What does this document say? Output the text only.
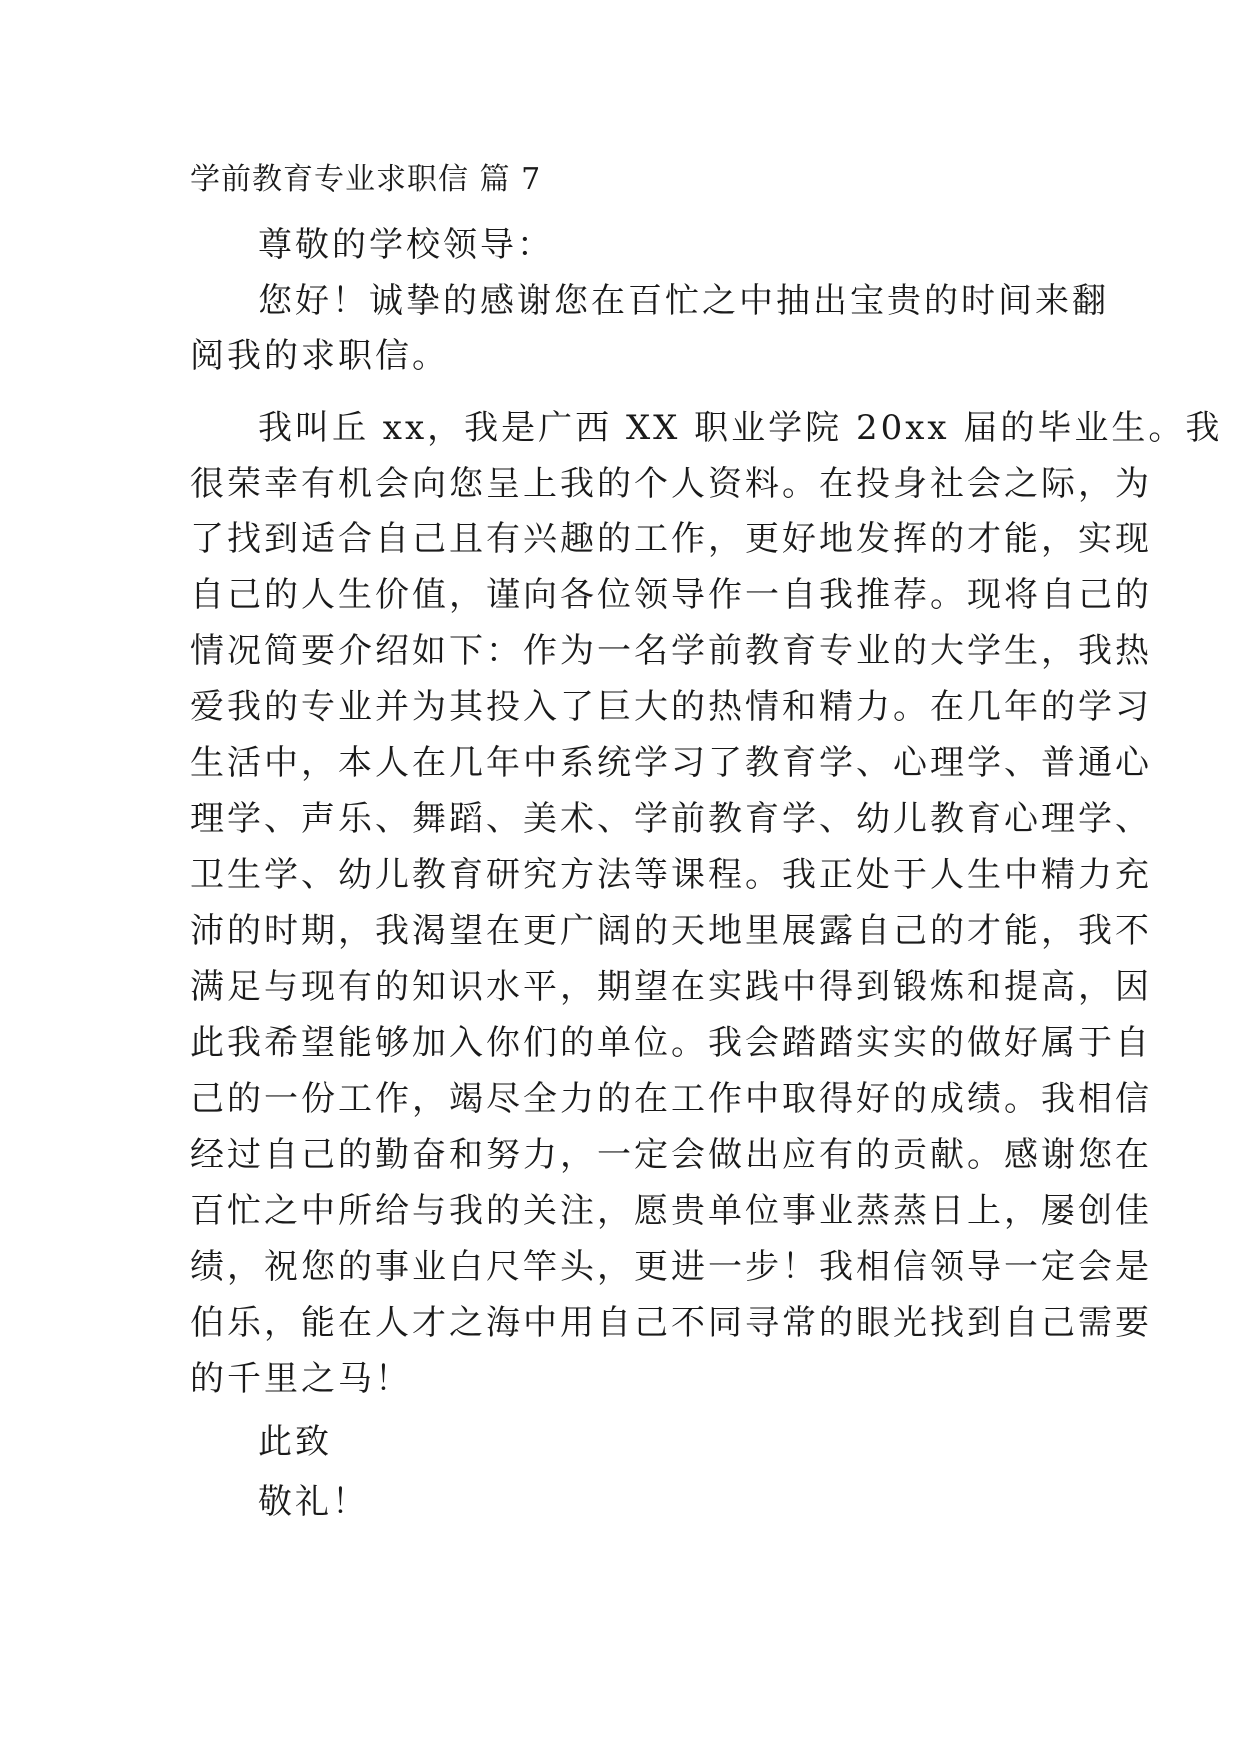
学前教育专业求职信 篇 7
尊敬的学校领导：
您好！诚挚的感谢您在百忙之中抽出宝贵的时间来翻
阅我的求职信。
我叫丘 xx，我是广西 XX 职业学院 20xx 届的毕业生。我
很荣幸有机会向您呈上我的个人资料。在投身社会之际，为
了找到适合自己且有兴趣的工作，更好地发挥的才能，实现
自己的人生价值，谨向各位领导作一自我推荐。现将自己的
情况简要介绍如下：作为一名学前教育专业的大学生，我热
爱我的专业并为其投入了巨大的热情和精力。在几年的学习
生活中，本人在几年中系统学习了教育学、心理学、普通心
理学、声乐、舞蹈、美术、学前教育学、幼儿教育心理学、
卫生学、幼儿教育研究方法等课程。我正处于人生中精力充
沛的时期，我渴望在更广阔的天地里展露自己的才能，我不
满足与现有的知识水平，期望在实践中得到锻炼和提高，因
此我希望能够加入你们的单位。我会踏踏实实的做好属于自
己的一份工作，竭尽全力的在工作中取得好的成绩。我相信
经过自己的勤奋和努力，一定会做出应有的贡献。感谢您在
百忙之中所给与我的关注，愿贵单位事业蒸蒸日上，屡创佳
绩，祝您的事业白尺竿头，更进一步！我相信领导一定会是
伯乐，能在人才之海中用自己不同寻常的眼光找到自己需要
的千里之马！
此致
敬礼！
